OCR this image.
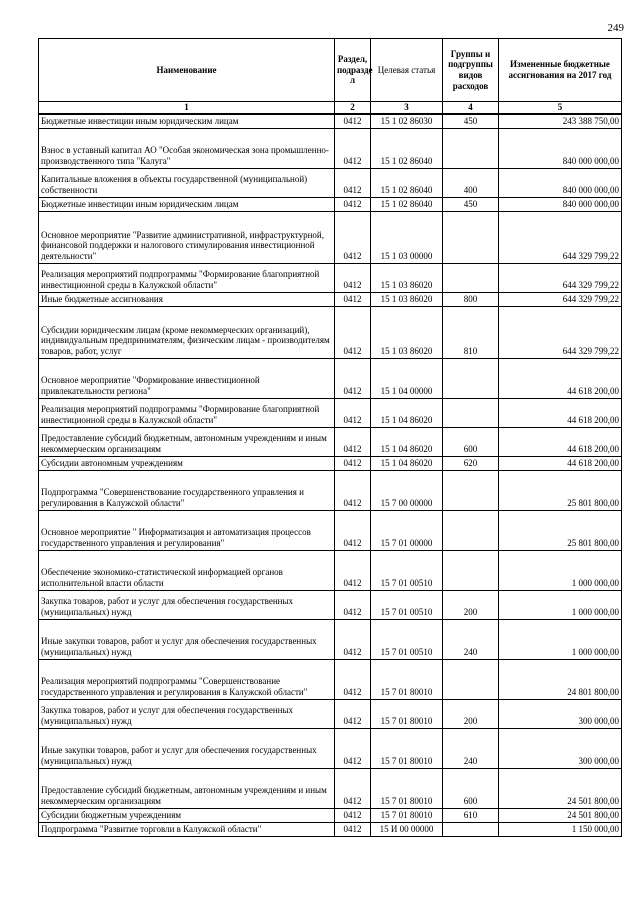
249
Наименование	Раздел, подразде л	Целевая статья	Группы и подгруппы видов расходов	Измененные бюджетные ассигнования на 2017 год
1	2	3	4	5
Бюджетные инвестиции иным юридическим лицам	0412	15 1 02 86030	450	243 388 750,00
Взнос в уставный капитал АО "Особая экономическая зона промышленно-производственного типа "Калуга"	0412	15 1 02 86040		840 000 000,00
Капитальные вложения в объекты государственной (муниципальной) собственности	0412	15 1 02 86040	400	840 000 000,00
Бюджетные инвестиции иным юридическим лицам	0412	15 1 02 86040	450	840 000 000,00
Основное мероприятие "Развитие административной, инфраструктурной, финансовой поддержки и налогового стимулирования инвестиционной деятельности"	0412	15 1 03 00000		644 329 799,22
Реализация мероприятий подпрограммы "Формирование благоприятной инвестиционной среды в Калужской области"	0412	15 1 03 86020		644 329 799,22
Иные бюджетные ассигнования	0412	15 1 03 86020	800	644 329 799,22
Субсидии юридическим лицам (кроме некоммерческих организаций), индивидуальным предпринимателям, физическим лицам - производителям товаров, работ, услуг	0412	15 1 03 86020	810	644 329 799,22
Основное мероприятие "Формирование инвестиционной привлекательности региона"	0412	15 1 04 00000		44 618 200,00
Реализация мероприятий подпрограммы "Формирование благоприятной инвестиционной среды в Калужской области"	0412	15 1 04 86020		44 618 200,00
Предоставление субсидий бюджетным, автономным учреждениям и иным некоммерческим организациям	0412	15 1 04 86020	600	44 618 200,00
Субсидии автономным учреждениям	0412	15 1 04 86020	620	44 618 200,00
Подпрограмма "Совершенствование государственного управления и регулирования в Калужской области"	0412	15 7 00 00000		25 801 800,00
Основное мероприятие " Информатизация и автоматизация процессов государственного управления и регулирования"	0412	15 7 01 00000		25 801 800,00
Обеспечение экономико-статистической информацией органов исполнительной власти области	0412	15 7 01 00510		1 000 000,00
Закупка товаров, работ и услуг для обеспечения государственных (муниципальных) нужд	0412	15 7 01 00510	200	1 000 000,00
Иные закупки товаров, работ и услуг для обеспечения государственных (муниципальных) нужд	0412	15 7 01 00510	240	1 000 000,00
Реализация мероприятий подпрограммы "Совершенствование государственного управления и регулирования в Калужской области"	0412	15 7 01 80010		24 801 800,00
Закупка товаров, работ и услуг для обеспечения государственных (муниципальных) нужд	0412	15 7 01 80010	200	300 000,00
Иные закупки товаров, работ и услуг для обеспечения государственных (муниципальных) нужд	0412	15 7 01 80010	240	300 000,00
Предоставление субсидий бюджетным, автономным учреждениям и иным некоммерческим организациям	0412	15 7 01 80010	600	24 501 800,00
Субсидии бюджетным учреждениям	0412	15 7 01 80010	610	24 501 800,00
Подпрограмма "Развитие торговли в Калужской области"	0412	15 И 00 00000		1 150 000,00
